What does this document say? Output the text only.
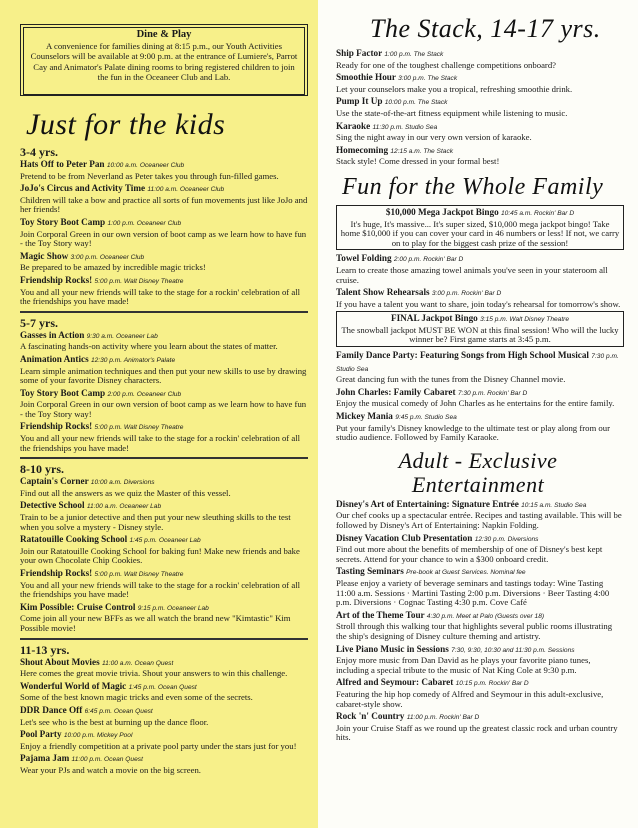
Dine & Play
A convenience for families dining at 8:15 p.m., our Youth Activities Counselors will be available at 9:00 p.m. at the entrance of Lumiere's, Parrot Cay and Animator's Palate dining rooms to bring registered children to join the fun in the Oceaneer Club and Lab.
Just for the kids
3-4 yrs.
Hats Off to Peter Pan 10:00 a.m. Oceaneer Club
Pretend to be from Neverland as Peter takes you through fun-filled games.
JoJo's Circus and Activity Time 11:00 a.m. Oceaneer Club
Children will take a bow and practice all sorts of fun movements just like JoJo and her friends!
Toy Story Boot Camp 1:00 p.m. Oceaneer Club
Join Corporal Green in our own version of boot camp as we learn how to have fun - the Toy Story way!
Magic Show 3:00 p.m. Oceaneer Club
Be prepared to be amazed by incredible magic tricks!
Friendship Rocks! 5:00 p.m. Walt Disney Theatre
You and all your new friends will take to the stage for a rockin' celebration of all the friendships you have made!
5-7 yrs.
Gasses in Action 9:30 a.m. Oceaneer Lab
A fascinating hands-on activity where you learn about the states of matter.
Animation Antics 12:30 p.m. Animator's Palate
Learn simple animation techniques and then put your new skills to use by drawing some of your favorite Disney characters.
Toy Story Boot Camp 2:00 p.m. Oceaneer Club
Join Corporal Green in our own version of boot camp as we learn how to have fun - the Toy Story way!
Friendship Rocks! 5:00 p.m. Walt Disney Theatre
You and all your new friends will take to the stage for a rockin' celebration of all the friendships you have made!
8-10 yrs.
Captain's Corner 10:00 a.m. Diversions
Find out all the answers as we quiz the Master of this vessel.
Detective School 11:00 a.m. Oceaneer Lab
Train to be a junior detective and then put your new sleuthing skills to the test when you solve a mystery - Disney style.
Ratatouille Cooking School 1:45 p.m. Oceaneer Lab
Join our Ratatouille Cooking School for baking fun! Make new friends and bake your own Chocolate Chip Cookies.
Friendship Rocks! 5:00 p.m. Walt Disney Theatre
You and all your new friends will take to the stage for a rockin' celebration of all the friendships you have made!
Kim Possible: Cruise Control 9:15 p.m. Oceaneer Lab
Come join all your new BFFs as we all watch the brand new "Kimtastic" Kim Possible movie!
11-13 yrs.
Shout About Movies 11:00 a.m. Ocean Quest
Here comes the great movie trivia. Shout your answers to win this challenge.
Wonderful World of Magic 1:45 p.m. Ocean Quest
Some of the best known magic tricks and even some of the secrets.
DDR Dance Off 6:45 p.m. Ocean Quest
Let's see who is the best at burning up the dance floor.
Pool Party 10:00 p.m. Mickey Pool
Enjoy a friendly competition at a private pool party under the stars just for you!
Pajama Jam 11:00 p.m. Ocean Quest
Wear your PJs and watch a movie on the big screen.
The Stack, 14-17 yrs.
Ship Factor 1:00 p.m. The Stack
Ready for one of the toughest challenge competitions onboard?
Smoothie Hour 3:00 p.m. The Stack
Let your counselors make you a tropical, refreshing smoothie drink.
Pump It Up 10:00 p.m. The Stack
Use the state-of-the-art fitness equipment while listening to music.
Karaoke 11:30 p.m. Studio Sea
Sing the night away in our very own version of karaoke.
Homecoming 12:15 a.m. The Stack
Stack style! Come dressed in your formal best!
Fun for the Whole Family
$10,000 Mega Jackpot Bingo 10:45 a.m. Rockin' Bar D
It's huge, It's massive... It's super sized, $10,000 mega jackpot bingo! Take home $10,000 if you can cover your card in 46 numbers or less! If not, we carry on to play for the biggest cash prize of the session!
Towel Folding 2:00 p.m. Rockin' Bar D
Learn to create those amazing towel animals you've seen in your stateroom all cruise.
Talent Show Rehearsals 3:00 p.m. Rockin' Bar D
If you have a talent you want to share, join today's rehearsal for tomorrow's show.
FINAL Jackpot Bingo 3:15 p.m. Walt Disney Theatre
The snowball jackpot MUST BE WON at this final session! Who will the lucky winner be? First game starts at 3:45 p.m.
Family Dance Party: Featuring Songs from High School Musical 7:30 p.m. Studio Sea
Great dancing fun with the tunes from the Disney Channel movie.
John Charles: Family Cabaret 7:30 p.m. Rockin' Bar D
Enjoy the musical comedy of John Charles as he entertains for the entire family.
Mickey Mania 9:45 p.m. Studio Sea
Put your family's Disney knowledge to the ultimate test or play along from our studio audience. Followed by Family Karaoke.
Adult - Exclusive
Entertainment
Disney's Art of Entertaining: Signature Entrée 10:15 a.m. Studio Sea
Our chef cooks up a spectacular entrée. Recipes and tasting available. This will be followed by Disney's Art of Entertaining: Napkin Folding.
Disney Vacation Club Presentation 12:30 p.m. Diversions
Find out more about the benefits of membership of one of Disney's best kept secrets. Attend for your chance to win a $300 onboard credit.
Tasting Seminars Pre-book at Guest Services. Nominal fee
Please enjoy a variety of beverage seminars and tastings today: Wine Tasting 11:00 a.m. Sessions · Martini Tasting 2:00 p.m. Diversions · Beer Tasting 4:00 p.m. Diversions · Cognac Tasting 4:30 p.m. Cove Café
Art of the Theme Tour 4:30 p.m. Meet at Palo (Guests over 18)
Stroll through this walking tour that highlights several public rooms illustrating the ship's designing of Disney culture theming and artistry.
Live Piano Music in Sessions 7:30, 9:30, 10:30 and 11:30 p.m. Sessions
Enjoy more music from Dan David as he plays your favorite piano tunes, including a special tribute to the music of Nat King Cole at 9:30 p.m.
Alfred and Seymour: Cabaret 10:15 p.m. Rockin' Bar D
Featuring the hip hop comedy of Alfred and Seymour in this adult-exclusive, cabaret-style show.
Rock 'n' Country 11:00 p.m. Rockin' Bar D
Join your Cruise Staff as we round up the greatest classic rock and urban country hits.
